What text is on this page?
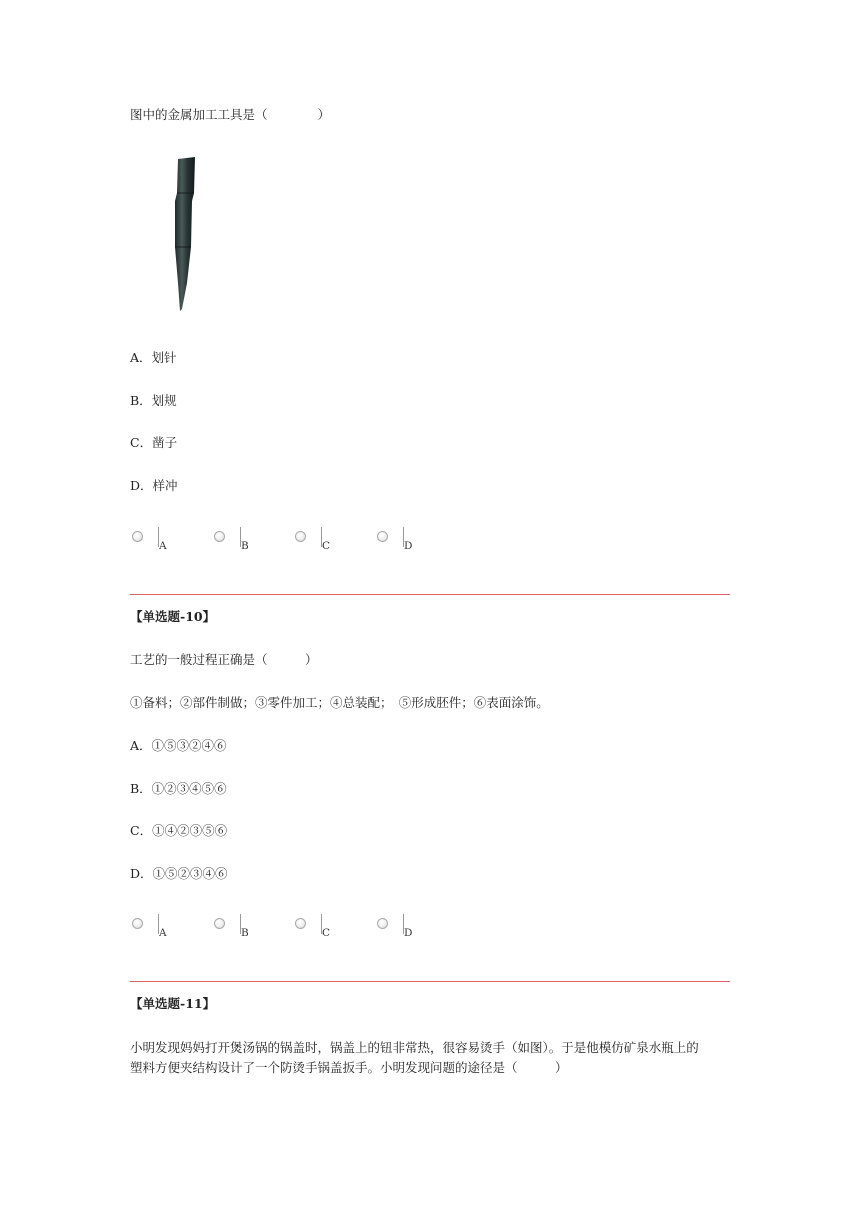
图中的金属加工工具是（　　　　）
A．划针
B．划规
C．凿子
D．样冲
A	B	C	D
【单选题-10】
工艺的一般过程正确是（　　　）
①备料；②部件制做；③零件加工；④总装配；　⑤形成胚件；⑥表面涂饰。
A．①⑤③②④⑥
B．①②③④⑤⑥
C．①④②③⑤⑥
D．①⑤②③④⑥
A	B	C	D
【单选题-11】
小明发现妈妈打开煲汤锅的锅盖时，锅盖上的钮非常热，很容易烫手（如图）。于是他模仿矿泉水瓶上的
塑料方便夹结构设计了一个防烫手锅盖扳手。小明发现问题的途径是（　　　）
